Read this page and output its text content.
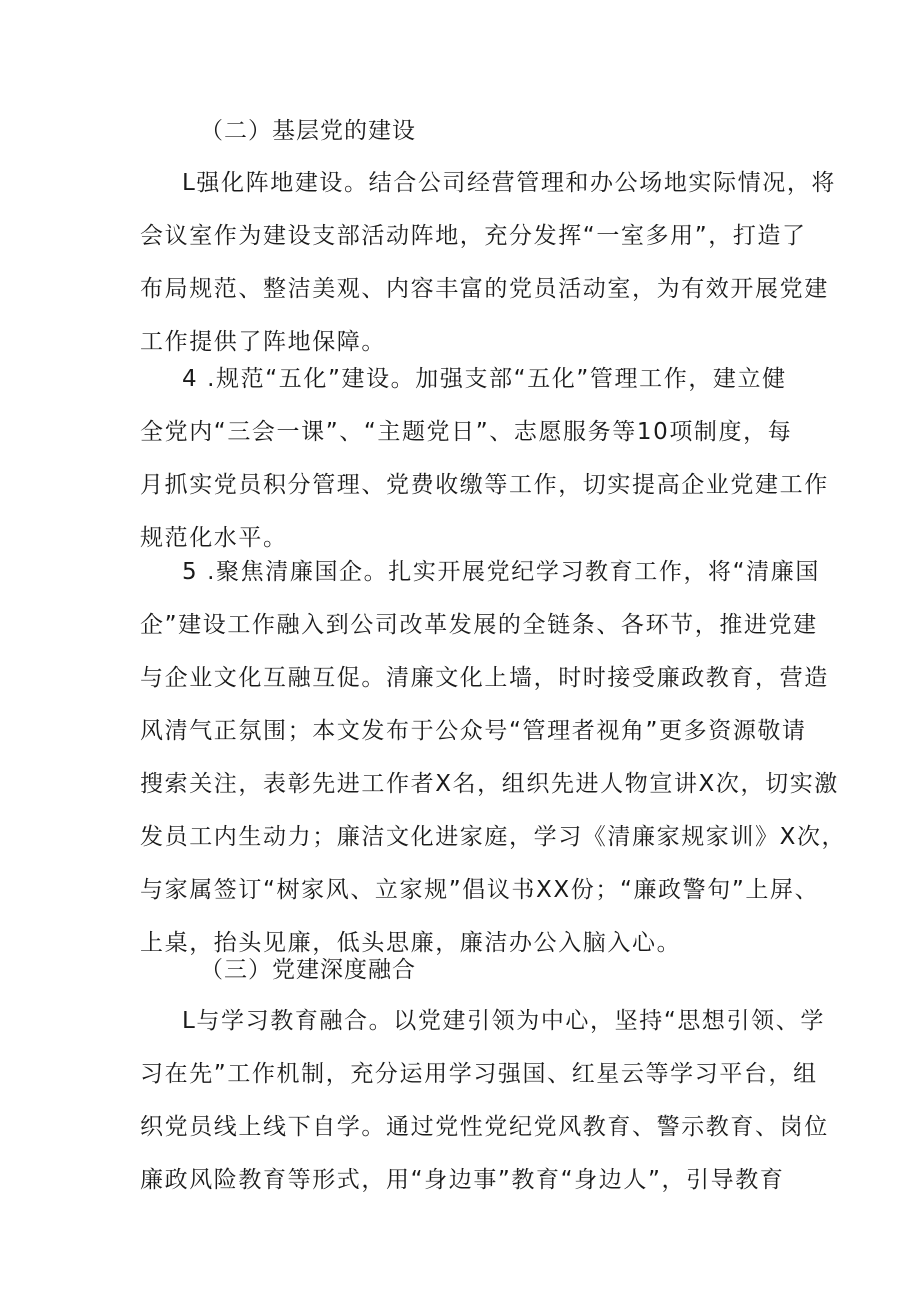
（二）基层党的建设
L强化阵地建设。结合公司经营管理和办公场地实际情况，将
会议室作为建设支部活动阵地，充分发挥“一室多用”，打造了
布局规范、整洁美观、内容丰富的党员活动室，为有效开展党建
工作提供了阵地保障。
4 .规范“五化”建设。加强支部“五化”管理工作，建立健
全党内“三会一课”、“主题党日”、志愿服务等10项制度，每
月抓实党员积分管理、党费收缴等工作，切实提高企业党建工作
规范化水平。
5 .聚焦清廉国企。扎实开展党纪学习教育工作，将“清廉国
企”建设工作融入到公司改革发展的全链条、各环节，推进党建
与企业文化互融互促。清廉文化上墙，时时接受廉政教育，营造
风清气正氛围；本文发布于公众号“管理者视角”更多资源敬请
搜索关注，表彰先进工作者X名，组织先进人物宣讲X次，切实激
发员工内生动力；廉洁文化进家庭，学习《清廉家规家训》X次，
与家属签订“树家风、立家规”倡议书XX份；“廉政警句”上屏、
上桌，抬头见廉，低头思廉，廉洁办公入脑入心。
（三）党建深度融合
L与学习教育融合。以党建引领为中心，坚持“思想引领、学
习在先”工作机制，充分运用学习强国、红星云等学习平台，组
织党员线上线下自学。通过党性党纪党风教育、警示教育、岗位
廉政风险教育等形式，用“身边事”教育“身边人”，引导教育
